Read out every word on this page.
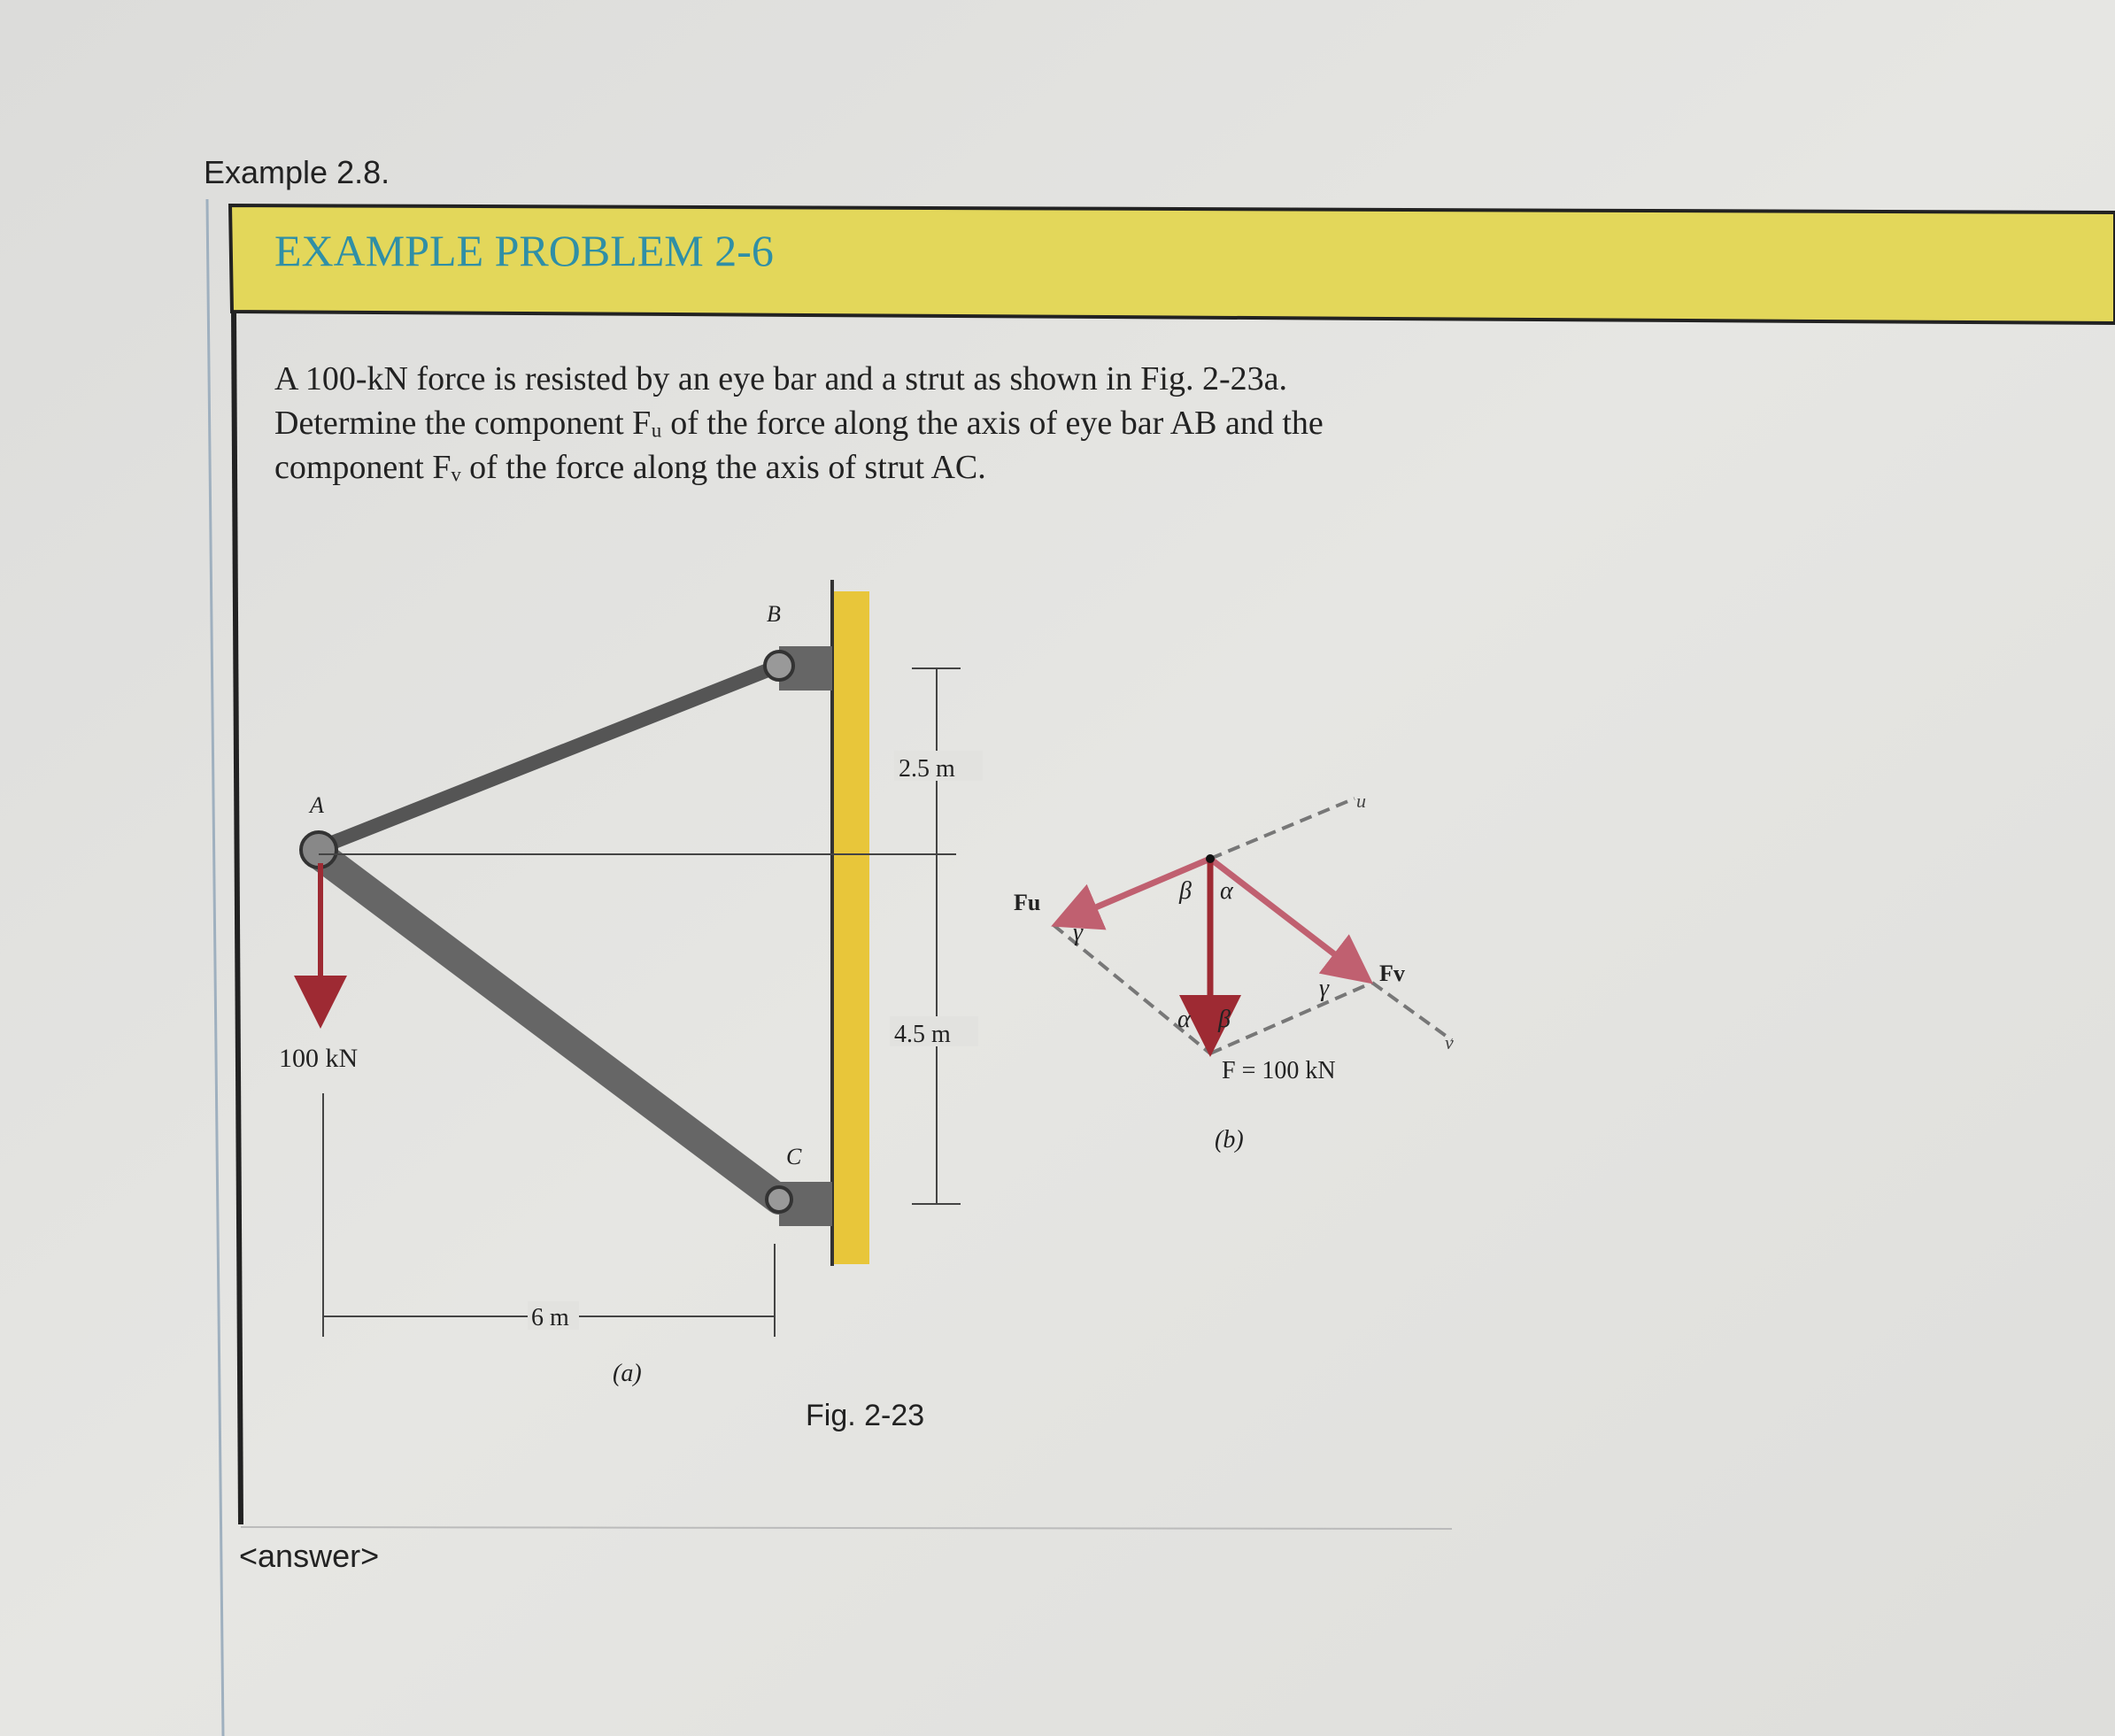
Example 2.8.
EXAMPLE PROBLEM 2-6
A 100-kN force is resisted by an eye bar and a strut as shown in Fig. 2-23a.
Determine the component Fᵤ of the force along the axis of eye bar AB and the
component Fᵥ of the force along the axis of strut AC.
A
B
C
100 kN
2.5 m
4.5 m
6 m
(a)
Fu
Fv
u
v
β α
γ
γ
α β
F = 100 kN
(b)
Fig. 2-23
<answer>
